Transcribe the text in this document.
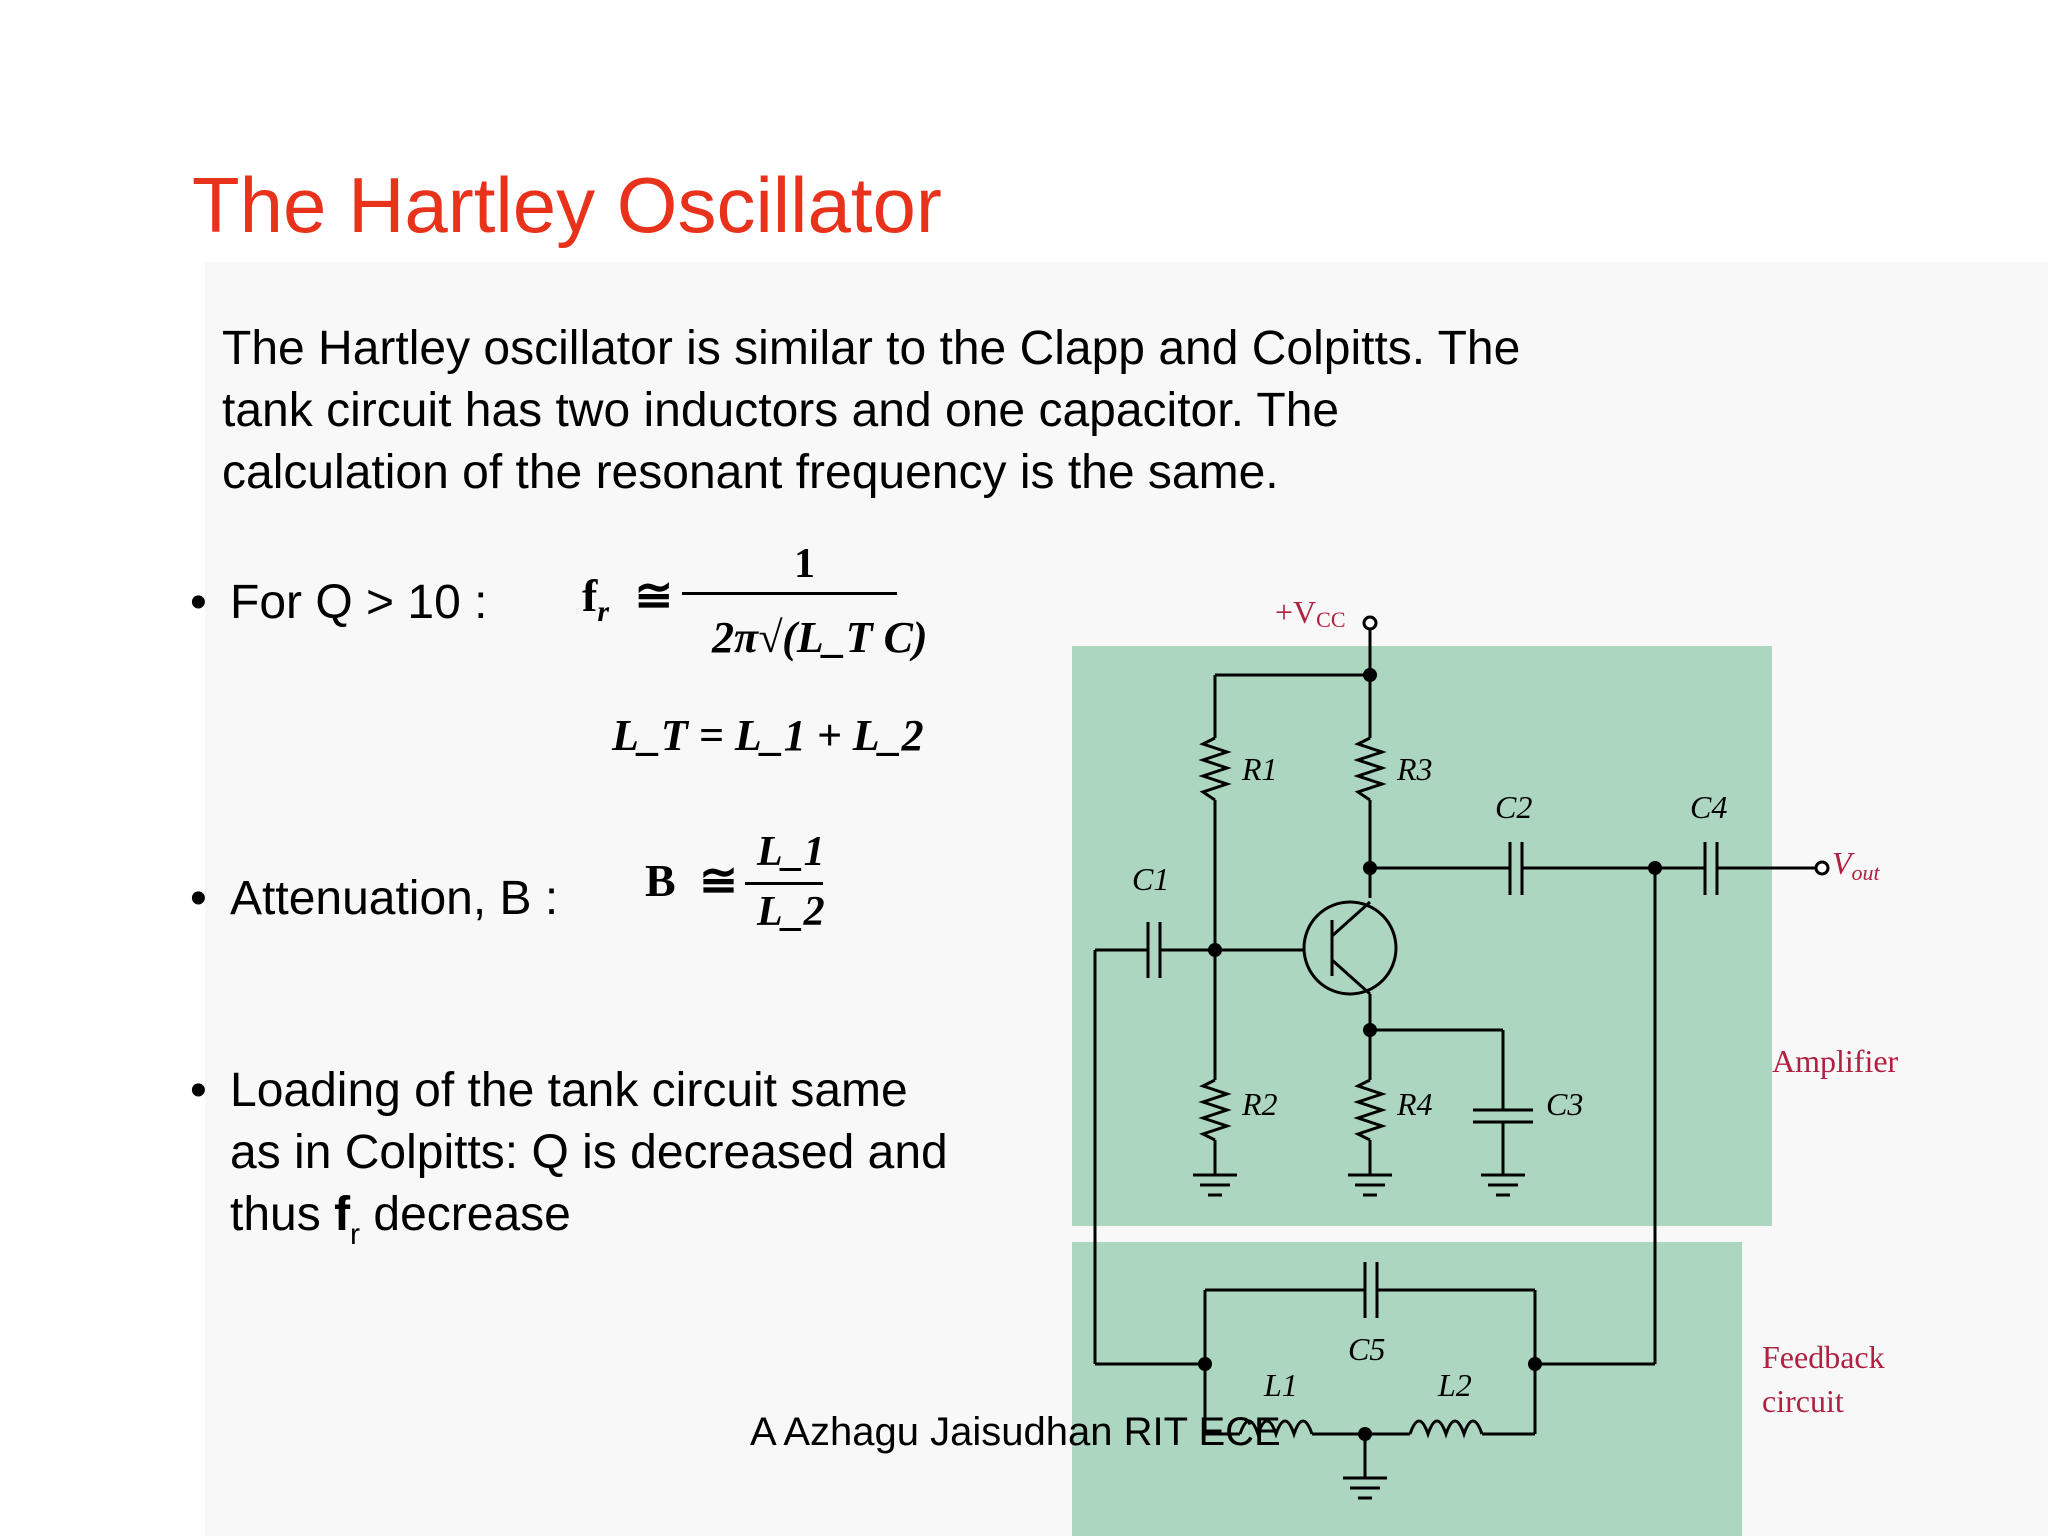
The Hartley Oscillator
The Hartley oscillator is similar to the Clapp and Colpitts. The
tank circuit has two inductors and one capacitor. The
calculation of the resonant frequency is the same.
• For Q > 10 : $f_r$ ≅
1
2π√(L_T C)
L_T = L_1 + L_2
• Attenuation, B : B ≅
L_1
L_2
• Loading of the tank circuit same
as in Colpitts: Q is decreased and
thus $f_r$ decrease
+VCC
Vout
R1
R2
R3
R4
C1
C2
C3
C4
C5
L1	L2
Amplifier
Feedback
circuit
A Azhagu Jaisudhan RIT ECE
